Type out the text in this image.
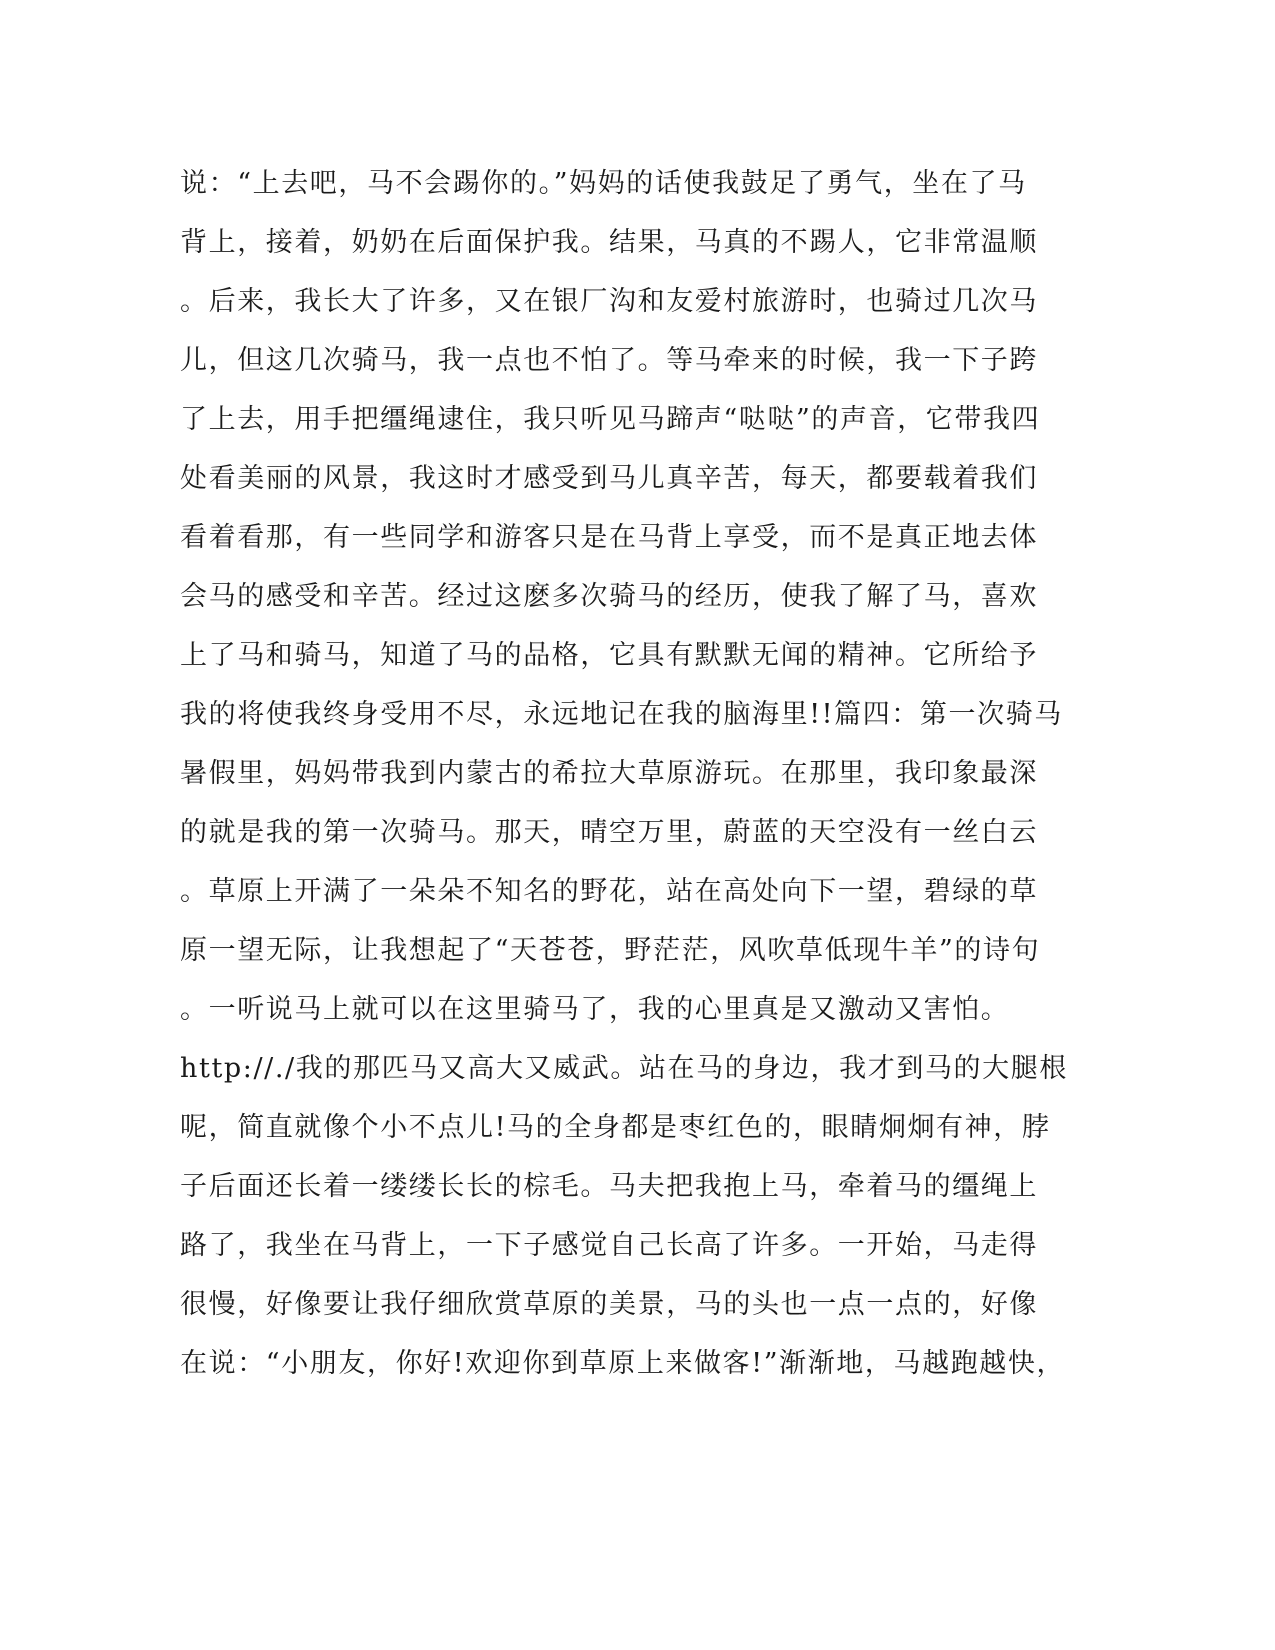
说：“上去吧，马不会踢你的。”妈妈的话使我鼓足了勇气，坐在了马
背上，接着，奶奶在后面保护我。结果，马真的不踢人，它非常温顺
。后来，我长大了许多，又在银厂沟和友爱村旅游时，也骑过几次马
儿，但这几次骑马，我一点也不怕了。等马牵来的时候，我一下子跨
了上去，用手把缰绳逮住，我只听见马蹄声“哒哒”的声音，它带我四
处看美丽的风景，我这时才感受到马儿真辛苦，每天，都要载着我们
看着看那，有一些同学和游客只是在马背上享受，而不是真正地去体
会马的感受和辛苦。经过这麽多次骑马的经历，使我了解了马，喜欢
上了马和骑马，知道了马的品格，它具有默默无闻的精神。它所给予
我的将使我终身受用不尽，永远地记在我的脑海里!!篇四：第一次骑马
暑假里，妈妈带我到内蒙古的希拉大草原游玩。在那里，我印象最深
的就是我的第一次骑马。那天，晴空万里，蔚蓝的天空没有一丝白云
。草原上开满了一朵朵不知名的野花，站在高处向下一望，碧绿的草
原一望无际，让我想起了“天苍苍，野茫茫，风吹草低现牛羊”的诗句
。一听说马上就可以在这里骑马了，我的心里真是又激动又害怕。
http://./我的那匹马又高大又威武。站在马的身边，我才到马的大腿根
呢，简直就像个小不点儿!马的全身都是枣红色的，眼睛炯炯有神，脖
子后面还长着一缕缕长长的棕毛。马夫把我抱上马，牵着马的缰绳上
路了，我坐在马背上，一下子感觉自己长高了许多。一开始，马走得
很慢，好像要让我仔细欣赏草原的美景，马的头也一点一点的，好像
在说：“小朋友，你好!欢迎你到草原上来做客!”渐渐地，马越跑越快，
